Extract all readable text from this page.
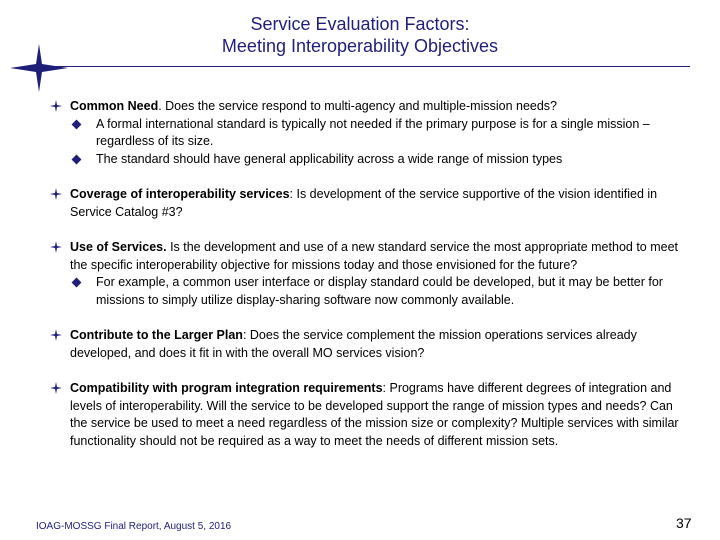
Service Evaluation Factors:
Meeting Interoperability Objectives
Common Need. Does the service respond to multi-agency and multiple-mission needs?
A formal international standard is typically not needed if the primary purpose is for a single mission – regardless of its size.
The standard should have general applicability across a wide range of mission types
Coverage of interoperability services: Is development of the service supportive of the vision identified in Service Catalog #3?
Use of Services. Is the development and use of a new standard service the most appropriate method to meet the specific interoperability objective for missions today and those envisioned for the future?
For example, a common user interface or display standard could be developed, but it may be better for missions to simply utilize display-sharing software now commonly available.
Contribute to the Larger Plan: Does the service complement the mission operations services already developed, and does it fit in with the overall MO services vision?
Compatibility with program integration requirements: Programs have different degrees of integration and levels of interoperability. Will the service to be developed support the range of mission types and needs? Can the service be used to meet a need regardless of the mission size or complexity? Multiple services with similar functionality should not be required as a way to meet the needs of different mission sets.
IOAG-MOSSG Final Report, August 5, 2016	37
